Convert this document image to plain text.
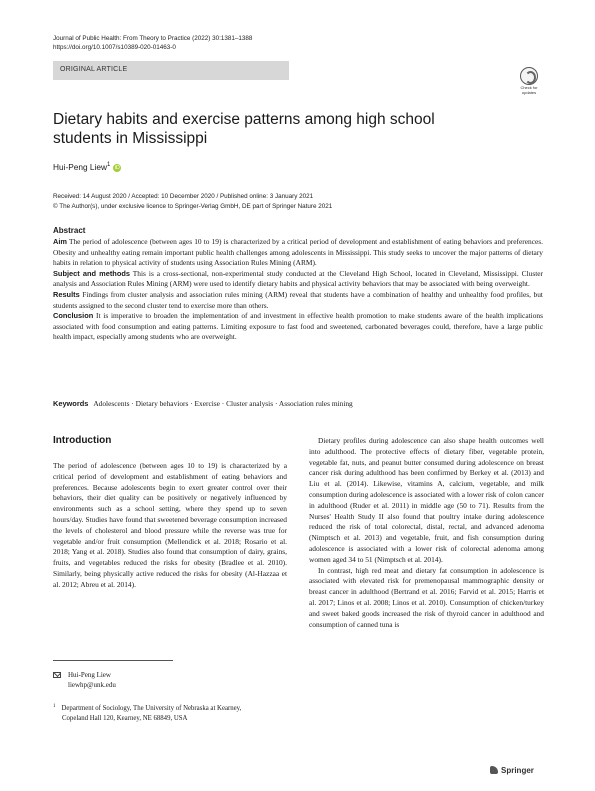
Journal of Public Health: From Theory to Practice (2022) 30:1381–1388
https://doi.org/10.1007/s10389-020-01463-0
ORIGINAL ARTICLE
Check for updates
Dietary habits and exercise patterns among high school students in Mississippi
Hui-Peng Liew$^1$ iD
Received: 14 August 2020 / Accepted: 10 December 2020 / Published online: 3 January 2021
© The Author(s), under exclusive licence to Springer-Verlag GmbH, DE part of Springer Nature 2021
Abstract

Aim The period of adolescence (between ages 10 to 19) is characterized by a critical period of development and establishment of eating behaviors and preferences. Obesity and unhealthy eating remain important public health challenges among adolescents in Mississippi. This study seeks to uncover the major patterns of dietary habits in relation to physical activity of students using Association Rules Mining (ARM).

Subject and methods This is a cross-sectional, non-experimental study conducted at the Cleveland High School, located in Cleveland, Mississippi. Cluster analysis and Association Rules Mining (ARM) were used to identify dietary habits and physical activity behaviors that may be associated with being overweight.

Results Findings from cluster analysis and association rules mining (ARM) reveal that students have a combination of healthy and unhealthy food profiles, but students assigned to the second cluster tend to exercise more than others.

Conclusion It is imperative to broaden the implementation of and investment in effective health promotion to make students aware of the health implications associated with food consumption and eating patterns. Limiting exposure to fast food and sweetened, carbonated beverages could, therefore, have a large public health impact, especially among students who are overweight.

Keywords Adolescents · Dietary behaviors · Exercise · Cluster analysis · Association rules mining
Introduction

The period of adolescence (between ages 10 to 19) is characterized by a critical period of development and establishment of eating behaviors and preferences. Because adolescents begin to exert greater control over their behaviors, their diet quality can be positively or negatively influenced by environments such as a school setting, where they spend up to seven hours/day. Studies have found that sweetened beverage consumption increased the levels of cholesterol and blood pressure while the reverse was true for vegetable and/or fruit consumption (Mellendick et al. 2018; Rosario et al. 2018; Yang et al. 2018). Studies also found that consumption of dairy, grains, fruits, and vegetables reduced the risks for obesity (Bradlee et al. 2010). Similarly, being physically active reduced the risks for obesity (Al-Hazzaa et al. 2012; Abreu et al. 2014).

Dietary profiles during adolescence can also shape health outcomes well into adulthood. The protective effects of dietary fiber, vegetable protein, vegetable fat, nuts, and peanut butter consumed during adolescence on breast cancer risk during adulthood has been confirmed by Berkey et al. (2013) and Liu et al. (2014). Likewise, vitamins A, calcium, vegetable, and milk consumption during adolescence is associated with a lower risk of colon cancer in adulthood (Ruder et al. 2011) in middle age (50 to 71). Results from the Nurses' Health Study II also found that poultry intake during adolescence reduced the risk of total colorectal, distal, rectal, and advanced adenoma (Nimptsch et al. 2013) and vegetable, fruit, and fish consumption during adolescence is associated with a lower risk of colorectal adenoma among women aged 34 to 51 (Nimptsch et al. 2014).

In contrast, high red meat and dietary fat consumption in adolescence is associated with elevated risk for premenopausal mammographic density or breast cancer in adulthood (Bertrand et al. 2016; Farvid et al. 2015; Harris et al. 2017; Linos et al. 2008; Linos et al. 2010). Consumption of chicken/turkey and sweet baked goods increased the risk of thyroid cancer in adulthood and consumption of canned tuna is

Hui-Peng Liew
liewhp@unk.edu
$^1$ Department of Sociology, The University of Nebraska at Kearney,
Copeland Hall 120, Kearney, NE 68849, USA
Springer
